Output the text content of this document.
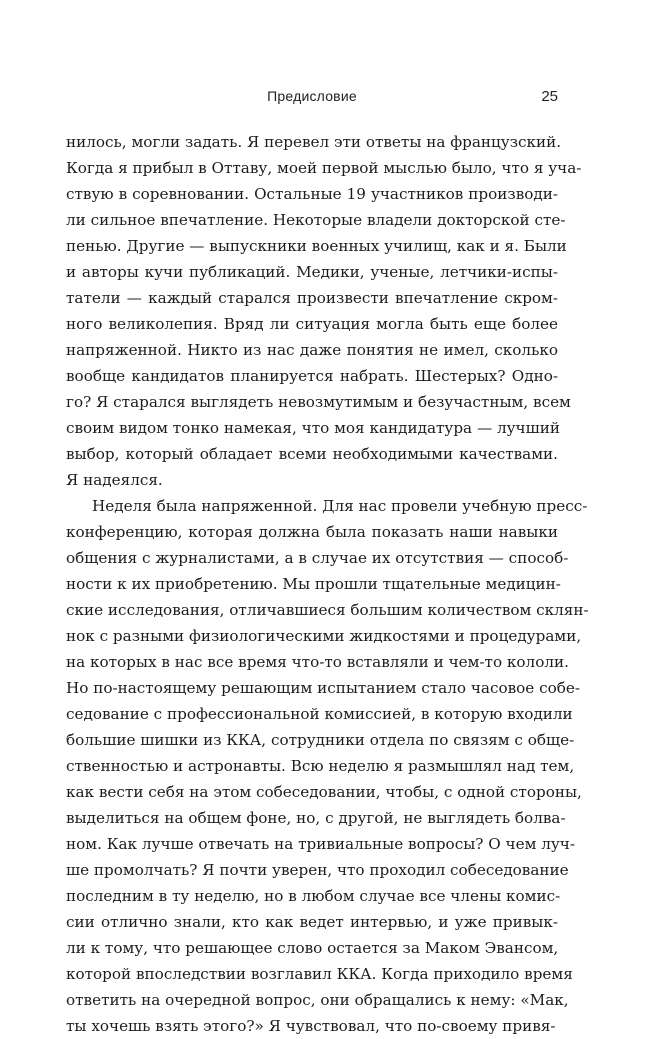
Предисловие	25
нилось, могли задать. Я перевел эти ответы на французский.
Когда я прибыл в Оттаву, моей первой мыслью было, что я уча-
ствую в соревновании. Остальные 19 участников производи-
ли сильное впечатление. Некоторые владели докторской сте-
пенью. Другие — выпускники военных училищ, как и я. Были
и авторы кучи публикаций. Медики, ученые, летчики-испы-
татели — каждый старался произвести впечатление скром-
ного великолепия. Вряд ли ситуация могла быть еще более
напряженной. Никто из нас даже понятия не имел, сколько
вообще кандидатов планируется набрать. Шестерых? Одно-
го? Я старался выглядеть невозмутимым и безучастным, всем
своим видом тонко намекая, что моя кандидатура — лучший
выбор, который обладает всеми необходимыми качествами.
Я надеялся.
Неделя была напряженной. Для нас провели учебную пресс-
конференцию, которая должна была показать наши навыки
общения с журналистами, а в случае их отсутствия — способ-
ности к их приобретению. Мы прошли тщательные медицин-
ские исследования, отличавшиеся большим количеством склян-
нок с разными физиологическими жидкостями и процедурами,
на которых в нас все время что-то вставляли и чем-то кололи.
Но по-настоящему решающим испытанием стало часовое собе-
седование с профессиональной комиссией, в которую входили
большие шишки из ККА, сотрудники отдела по связям с обще-
ственностью и астронавты. Всю неделю я размышлял над тем,
как вести себя на этом собеседовании, чтобы, с одной стороны,
выделиться на общем фоне, но, с другой, не выглядеть болва-
ном. Как лучше отвечать на тривиальные вопросы? О чем луч-
ше промолчать? Я почти уверен, что проходил собеседование
последним в ту неделю, но в любом случае все члены комис-
сии отлично знали, кто как ведет интервью, и уже привык-
ли к тому, что решающее слово остается за Маком Эвансом,
которой впоследствии возглавил ККА. Когда приходило время
ответить на очередной вопрос, они обращались к нему: «Мак,
ты хочешь взять этого?» Я чувствовал, что по-своему привя-
